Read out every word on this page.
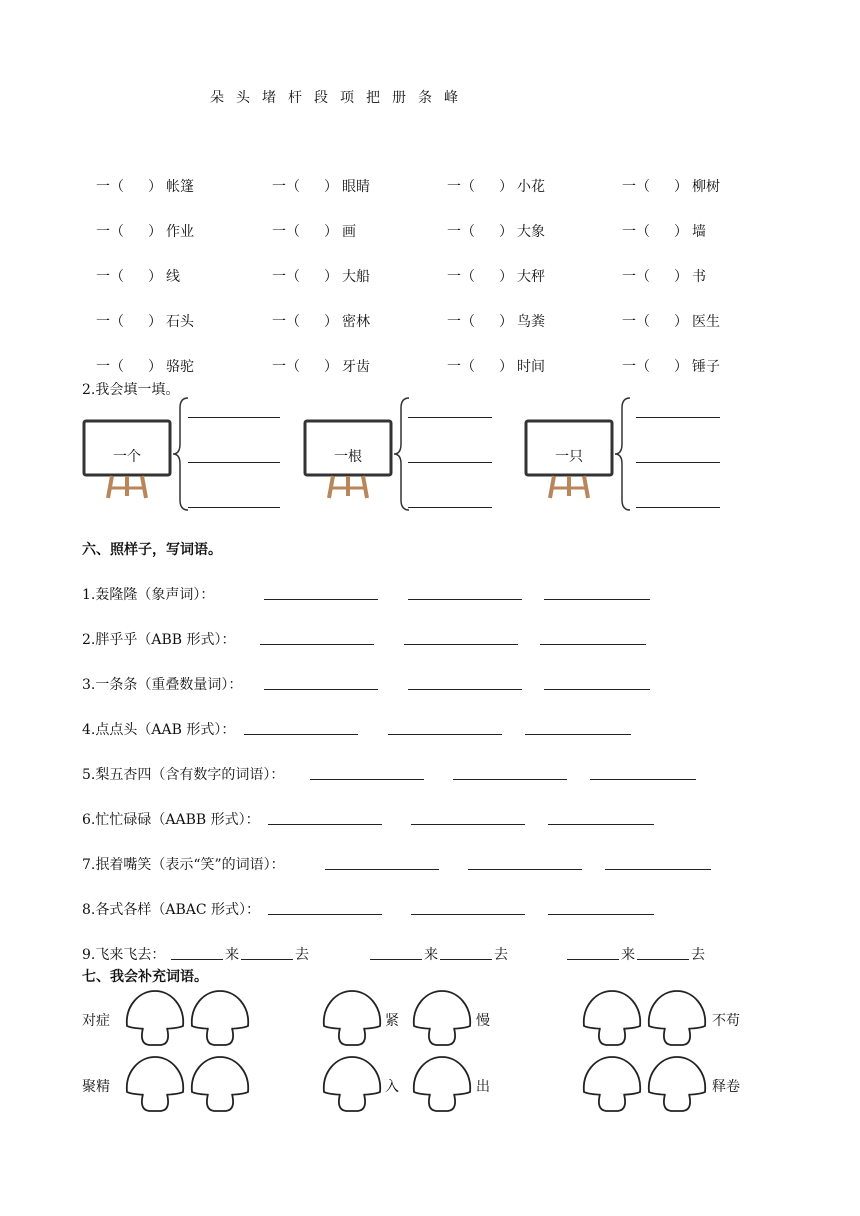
朵 头 堵 杆 段 项 把 册 条 峰
一（ ） 帐篷	一（ ） 眼睛	一（ ） 小花	一（ ） 柳树
一（ ） 作业	一（ ） 画	一（ ） 大象	一（ ） 墙
一（ ） 线	一（ ） 大船	一（ ） 大秤	一（ ） 书
一（ ） 石头	一（ ） 密林	一（ ） 鸟粪	一（ ） 医生
一（ ） 骆驼	一（ ） 牙齿	一（ ） 时间	一（ ） 锤子
2.我会填一填。
一个	一根	一只
六、照样子，写词语。
1.轰隆隆（象声词）：
2.胖乎乎（ABB 形式）：
3.一条条（重叠数量词）：
4.点点头（AAB 形式）：
5.梨五杏四（含有数字的词语）：
6.忙忙碌碌（AABB 形式）：
7.抿着嘴笑（表示“笑”的词语）：
8.各式各样（ABAC 形式）：
9.飞来飞去：	来	去	来	去	来	去
七、我会补充词语。
对症	紧	慢	不苟
聚精	入	出	释卷
